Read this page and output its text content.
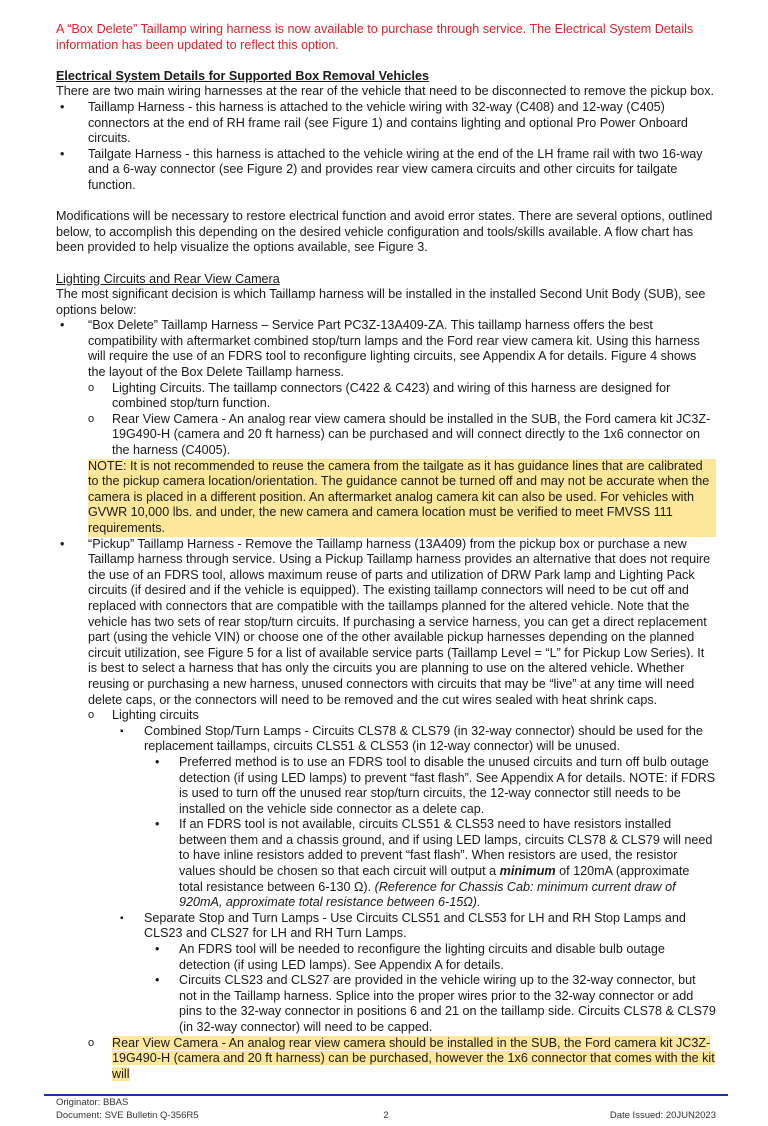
A “Box Delete” Taillamp wiring harness is now available to purchase through service. The Electrical System Details
information has been updated to reflect this option.

Electrical System Details for Supported Box Removal Vehicles

There are two main wiring harnesses at the rear of the vehicle that need to be disconnected to remove the pickup box.

• Taillamp Harness - this harness is attached to the vehicle wiring with 32-way (C408) and 12-way (C405) connectors at the end of RH frame rail (see Figure 1) and contains lighting and optional Pro Power Onboard circuits.
• Tailgate Harness - this harness is attached to the vehicle wiring at the end of the LH frame rail with two 16-way and a 6-way connector (see Figure 2) and provides rear view camera circuits and other circuits for tailgate function.

Modifications will be necessary to restore electrical function and avoid error states. There are several options, outlined below, to accomplish this depending on the desired vehicle configuration and tools/skills available. A flow chart has been provided to help visualize the options available, see Figure 3.

Lighting Circuits and Rear View Camera

The most significant decision is which Taillamp harness will be installed in the installed Second Unit Body (SUB), see options below:

• “Box Delete” Taillamp Harness – Service Part PC3Z-13A409-ZA. This taillamp harness offers the best compatibility with aftermarket combined stop/turn lamps and the Ford rear view camera kit. Using this harness will require the use of an FDRS tool to reconfigure lighting circuits, see Appendix A for details. Figure 4 shows the layout of the Box Delete Taillamp harness.
o Lighting Circuits. The taillamp connectors (C422 & C423) and wiring of this harness are designed for combined stop/turn function.
o Rear View Camera - An analog rear view camera should be installed in the SUB, the Ford camera kit JC3Z-19G490-H (camera and 20 ft harness) can be purchased and will connect directly to the 1x6 connector on the harness (C4005).

NOTE: It is not recommended to reuse the camera from the tailgate as it has guidance lines that are calibrated to the pickup camera location/orientation. The guidance cannot be turned off and may not be accurate when the camera is placed in a different position. An aftermarket analog camera kit can also be used. For vehicles with GVWR 10,000 lbs. and under, the new camera and camera location must be verified to meet FMVSS 111 requirements.

• “Pickup” Taillamp Harness - Remove the Taillamp harness (13A409) from the pickup box or purchase a new Taillamp harness through service. Using a Pickup Taillamp harness provides an alternative that does not require the use of an FDRS tool, allows maximum reuse of parts and utilization of DRW Park lamp and Lighting Pack circuits (if desired and if the vehicle is equipped). The existing taillamp connectors will need to be cut off and replaced with connectors that are compatible with the taillamps planned for the altered vehicle. Note that the vehicle has two sets of rear stop/turn circuits. If purchasing a service harness, you can get a direct replacement part (using the vehicle VIN) or choose one of the other available pickup harnesses depending on the planned circuit utilization, see Figure 5 for a list of available service parts (Taillamp Level = “L” for Pickup Low Series). It is best to select a harness that has only the circuits you are planning to use on the altered vehicle. Whether reusing or purchasing a new harness, unused connectors with circuits that may be “live” at any time will need delete caps, or the connectors will need to be removed and the cut wires sealed with heat shrink caps.
o Lighting circuits
▪ Combined Stop/Turn Lamps - Circuits CLS78 & CLS79 (in 32-way connector) should be used for the replacement taillamps, circuits CLS51 & CLS53 (in 12-way connector) will be unused.
• Preferred method is to use an FDRS tool to disable the unused circuits and turn off bulb outage detection (if using LED lamps) to prevent “fast flash”. See Appendix A for details. NOTE: if FDRS is used to turn off the unused rear stop/turn circuits, the 12-way connector still needs to be installed on the vehicle side connector as a delete cap.
• If an FDRS tool is not available, circuits CLS51 & CLS53 need to have resistors installed between them and a chassis ground, and if using LED lamps, circuits CLS78 & CLS79 will need to have inline resistors added to prevent “fast flash”. When resistors are used, the resistor values should be chosen so that each circuit will output a minimum of 120mA (approximate total resistance between 6-130 Ω). (Reference for Chassis Cab: minimum current draw of 920mA, approximate total resistance between 6-15Ω).
▪ Separate Stop and Turn Lamps - Use Circuits CLS51 and CLS53 for LH and RH Stop Lamps and CLS23 and CLS27 for LH and RH Turn Lamps.
• An FDRS tool will be needed to reconfigure the lighting circuits and disable bulb outage detection (if using LED lamps). See Appendix A for details.
• Circuits CLS23 and CLS27 are provided in the vehicle wiring up to the 32-way connector, but not in the Taillamp harness. Splice into the proper wires prior to the 32-way connector or add pins to the 32-way connector in positions 6 and 21 on the taillamp side. Circuits CLS78 & CLS79 (in 32-way connector) will need to be capped.
o Rear View Camera - An analog rear view camera should be installed in the SUB, the Ford camera kit JC3Z-19G490-H (camera and 20 ft harness) can be purchased, however the 1x6 connector that comes with the kit will
Originator: BBAS
Document: SVE Bulletin Q-356R5	2	Date Issued: 20JUN2023
